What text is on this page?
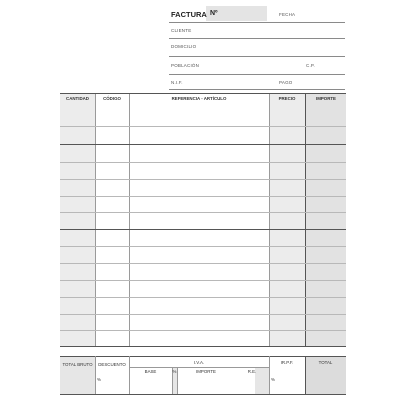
FACTURA Nº	FECHA
CLIENTE
DOMICILIO
POBLACIÓN	C.P.
N.I.F.	PAGO
CANTIDAD	CÓDIGO	REFERENCIA - ARTÍCULO	PRECIO	IMPORTE
TOTAL BRUTO	DESCUENTO	I.V.A.	IR.P.F.	TOTAL
BASE	%	IMPORTE	R.E.
%	%
